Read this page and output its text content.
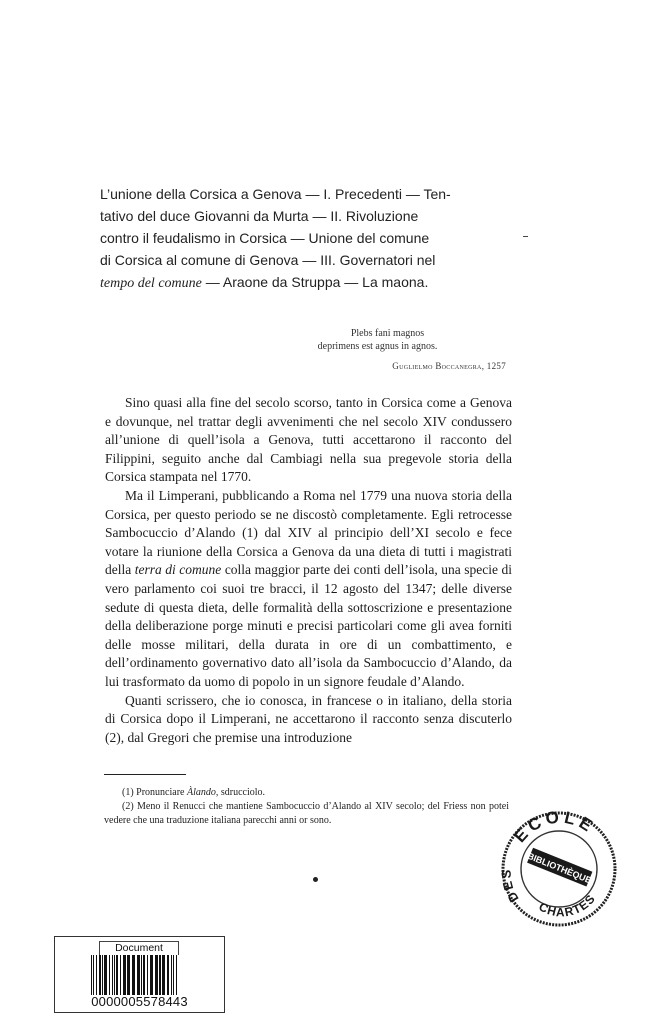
L’unione della Corsica a Genova — I. Precedenti — Ten-
tativo del duce Giovanni da Murta — II. Rivoluzione
contro il feudalismo in Corsica — Unione del comune
di Corsica al comune di Genova — III. Governatori nel
tempo del comune — Araone da Struppa — La maona.
Plebs fani magnos
deprimens est agnus in agnos.
Guglielmo Boccanegra, 1257

Sino quasi alla fine del secolo scorso, tanto in Corsica come a Genova e dovunque, nel trattar degli avvenimenti che nel secolo XIV condussero all’unione di quell’isola a Genova, tutti accettarono il racconto del Filippini, seguito anche dal Cambiagi nella sua pregevole storia della Corsica stampata nel 1770.

Ma il Limperani, pubblicando a Roma nel 1779 una nuova storia della Corsica, per questo periodo se ne discostò completamente. Egli retrocesse Sambocuccio d’Alando (1) dal XIV al principio dell’XI secolo e fece votare la riunione della Corsica a Genova da una dieta di tutti i magistrati della terra di comune colla maggior parte dei conti dell’isola, una specie di vero parlamento coi suoi tre bracci, il 12 agosto del 1347; delle diverse sedute di questa dieta, delle formalità della sottoscrizione e presentazione della deliberazione porge minuti e precisi particolari come gli avea forniti delle mosse militari, della durata in ore di un combattimento, e dell’ordinamento governativo dato all’isola da Sambocuccio d’Alando, da lui trasformato da uomo di popolo in un signore feudale d’Alando.

Quanti scrissero, che io conosca, in francese o in italiano, della storia di Corsica dopo il Limperani, ne accettarono il racconto senza discuterlo (2), dal Gregori che premise una introduzione

(1) Pronunciare Àlando, sdrucciolo.

(2) Meno il Renucci che mantiene Sambocuccio d’Alando al XIV secolo; del Friess non potei vedere che una traduzione italiana parecchi anni or sono.

ECOLE
DES	BIBLIOTHÈQUE
CHARTES
Document
0000005578443
